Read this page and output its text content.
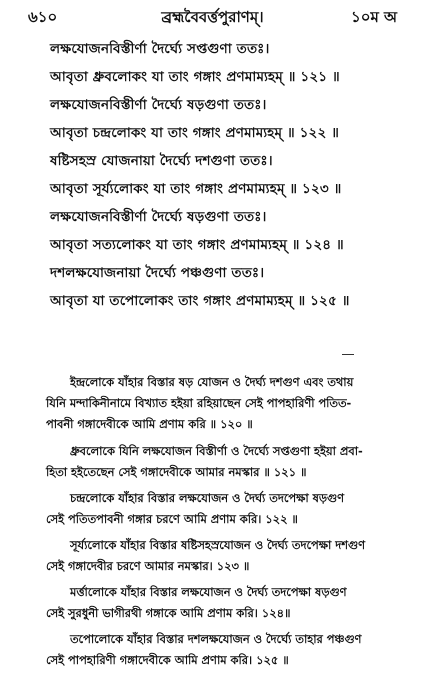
৬১০	ব্রহ্মবৈবর্ত্তপুরাণম্।	১০ম অ
লক্ষযোজনবিস্তীর্ণা দৈর্ঘ্যে সপ্তগুণা ততঃ।
আবৃতা ধ্রুবলোকং যা তাং গঙ্গাং প্রণমাম্যহম্ ॥ ১২১ ॥
লক্ষযোজনবিস্তীর্ণা দৈর্ঘ্যে ষড়গুণা ততঃ।
আবৃতা চন্দ্রলোকং যা তাং গঙ্গাং প্রণমাম্যহম্ ॥ ১২২ ॥
ষষ্টিসহস্র যোজনায়া দৈর্ঘ্যে দশগুণা ততঃ।
আবৃতা সূর্য্যলোকং যা তাং গঙ্গাং প্রণমাম্যহম্ ॥ ১২৩ ॥
লক্ষযোজনবিস্তীর্ণা দৈর্ঘ্যে ষড়গুণা ততঃ।
আবৃতা সত্যলোকং যা তাং গঙ্গাং প্রণমাম্যহম্ ॥ ১২৪ ॥
দশলক্ষযোজনায়া দৈর্ঘ্যে পঞ্চগুণা ততঃ।
আবৃতা যা তপোলোকং তাং গঙ্গাং প্রণমাম্যহম্ ॥ ১২৫ ॥
ইন্দ্রলোকে যাঁহার বিস্তার ষড় যোজন ও দৈর্ঘ্য দশগুণ এবং তথায়
যিনি মন্দাকিনীনামে বিখ্যাত হইয়া রহিয়াছেন সেই পাপহারিণী পতিত-
পাবনী গঙ্গাদেবীকে আমি প্রণাম করি ॥ ১২০ ॥
ধ্রুবলোকে যিনি লক্ষযোজন বিস্তীর্ণা ও দৈর্ঘ্যে সপ্তগুণা হইয়া প্রবা-
হিতা হইতেছেন সেই গঙ্গাদেবীকে আমার নমস্কার ॥ ১২১ ॥
চন্দ্রলোকে যাঁহার বিস্তার লক্ষযোজন ও দৈর্ঘ্য তদপেক্ষা ষড়গুণ
সেই পতিতপাবনী গঙ্গার চরণে আমি প্রণাম করি। ১২২ ॥
সূর্য্যলোকে যাঁহার বিস্তার ষষ্টিসহস্রযোজন ও দৈর্ঘ্য তদপেক্ষা দশগুণ
সেই গঙ্গাদেবীর চরণে আমার নমস্কার। ১২৩ ॥
মর্ত্তালোকে যাঁহার বিস্তার লক্ষযোজন ও দৈর্ঘ্য তদপেক্ষা ষড়গুণ
সেই সুরধুনী ভাগীরথী গঙ্গাকে আমি প্রণাম করি। ১২৪॥
তপোলোকে যাঁহার বিস্তার দশলক্ষযোজন ও দৈর্ঘ্যে তাহার পঞ্চগুণ
সেই পাপহারিণী গঙ্গাদেবীকে আমি প্রণাম করি। ১২৫ ॥
